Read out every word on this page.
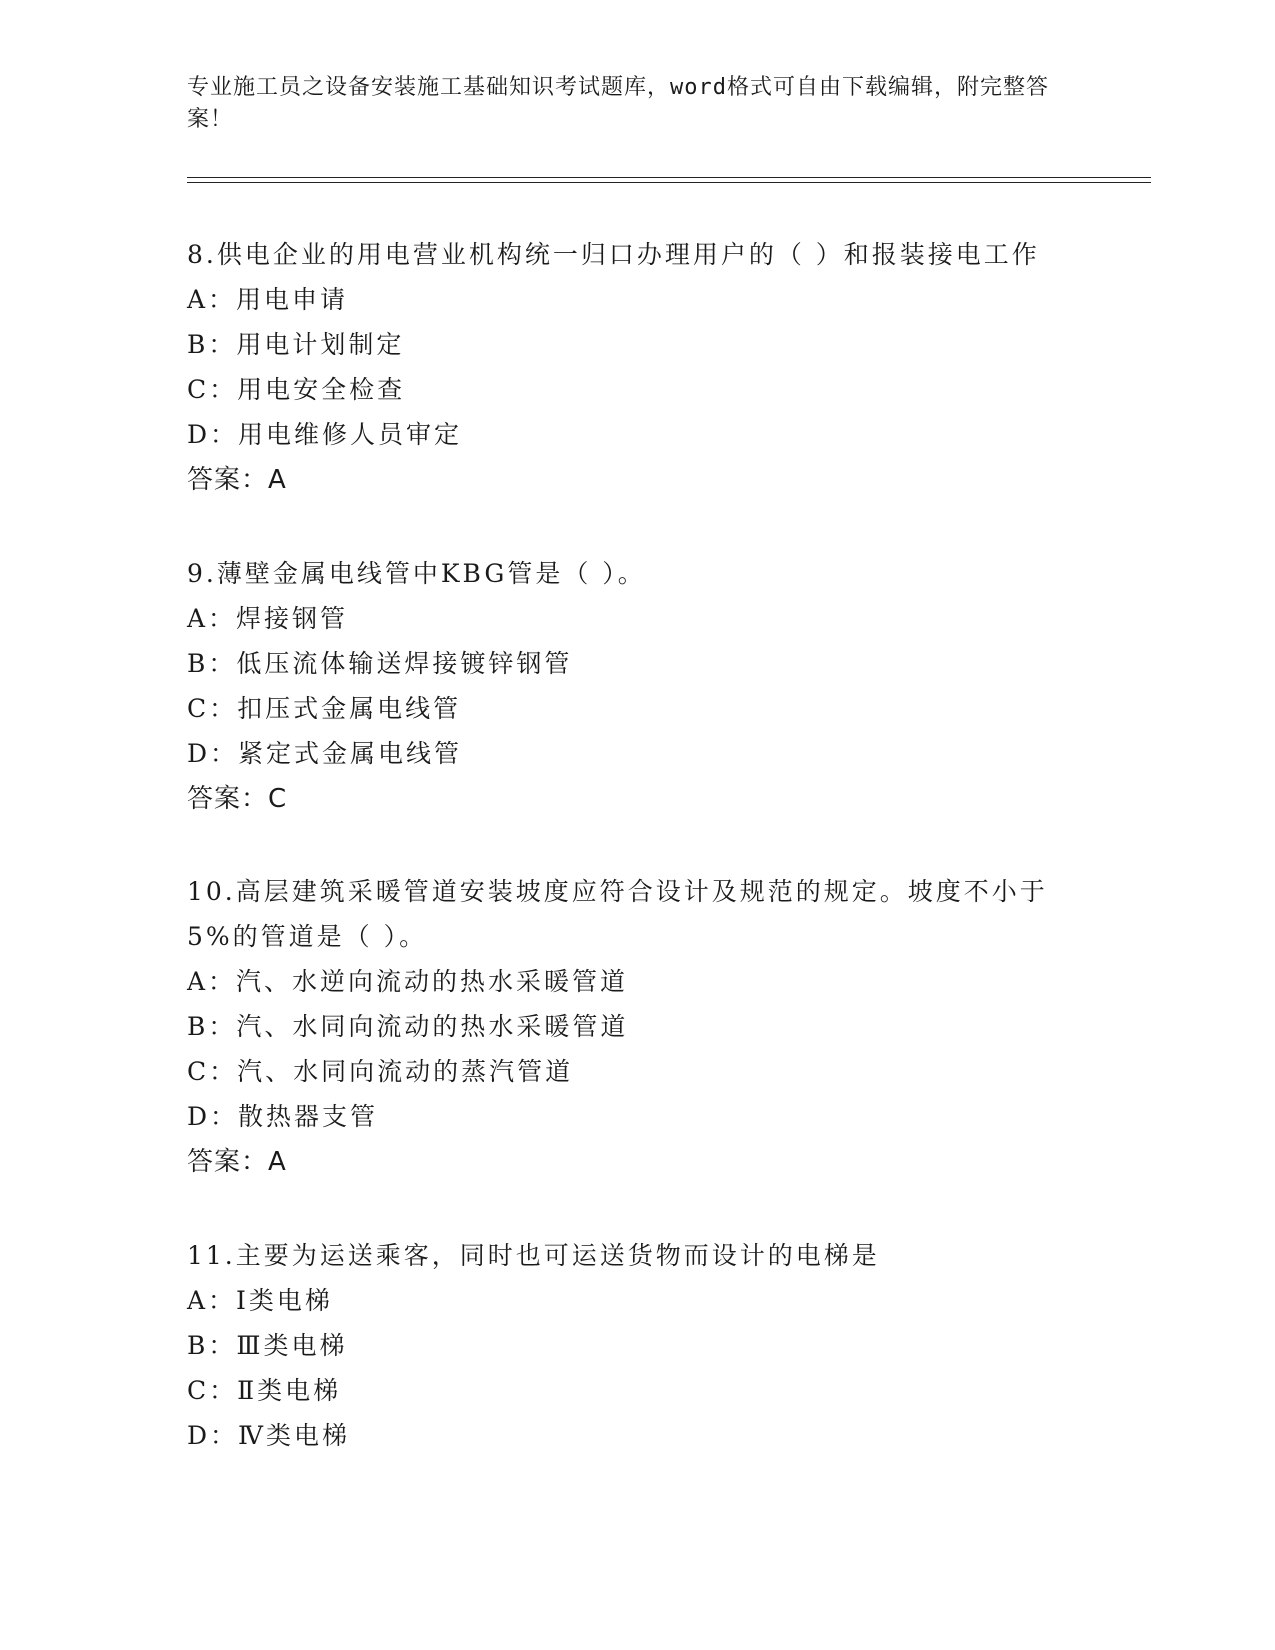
专业施工员之设备安装施工基础知识考试题库，word格式可自由下载编辑，附完整答案！

8.供电企业的用电营业机构统一归口办理用户的（ ）和报装接电工作

A：用电申请

B：用电计划制定

C：用电安全检查

D：用电维修人员审定

答案：A

9.薄壁金属电线管中KBG管是（ ）。

A：焊接钢管

B：低压流体输送焊接镀锌钢管

C：扣压式金属电线管

D：紧定式金属电线管

答案：C

10.高层建筑采暖管道安装坡度应符合设计及规范的规定。坡度不小于5%的管道是（ ）。

A：汽、水逆向流动的热水采暖管道

B：汽、水同向流动的热水采暖管道

C：汽、水同向流动的蒸汽管道

D：散热器支管

答案：A

11.主要为运送乘客，同时也可运送货物而设计的电梯是

A：Ⅰ类电梯

B：Ⅲ类电梯

C：Ⅱ类电梯

D：Ⅳ类电梯
